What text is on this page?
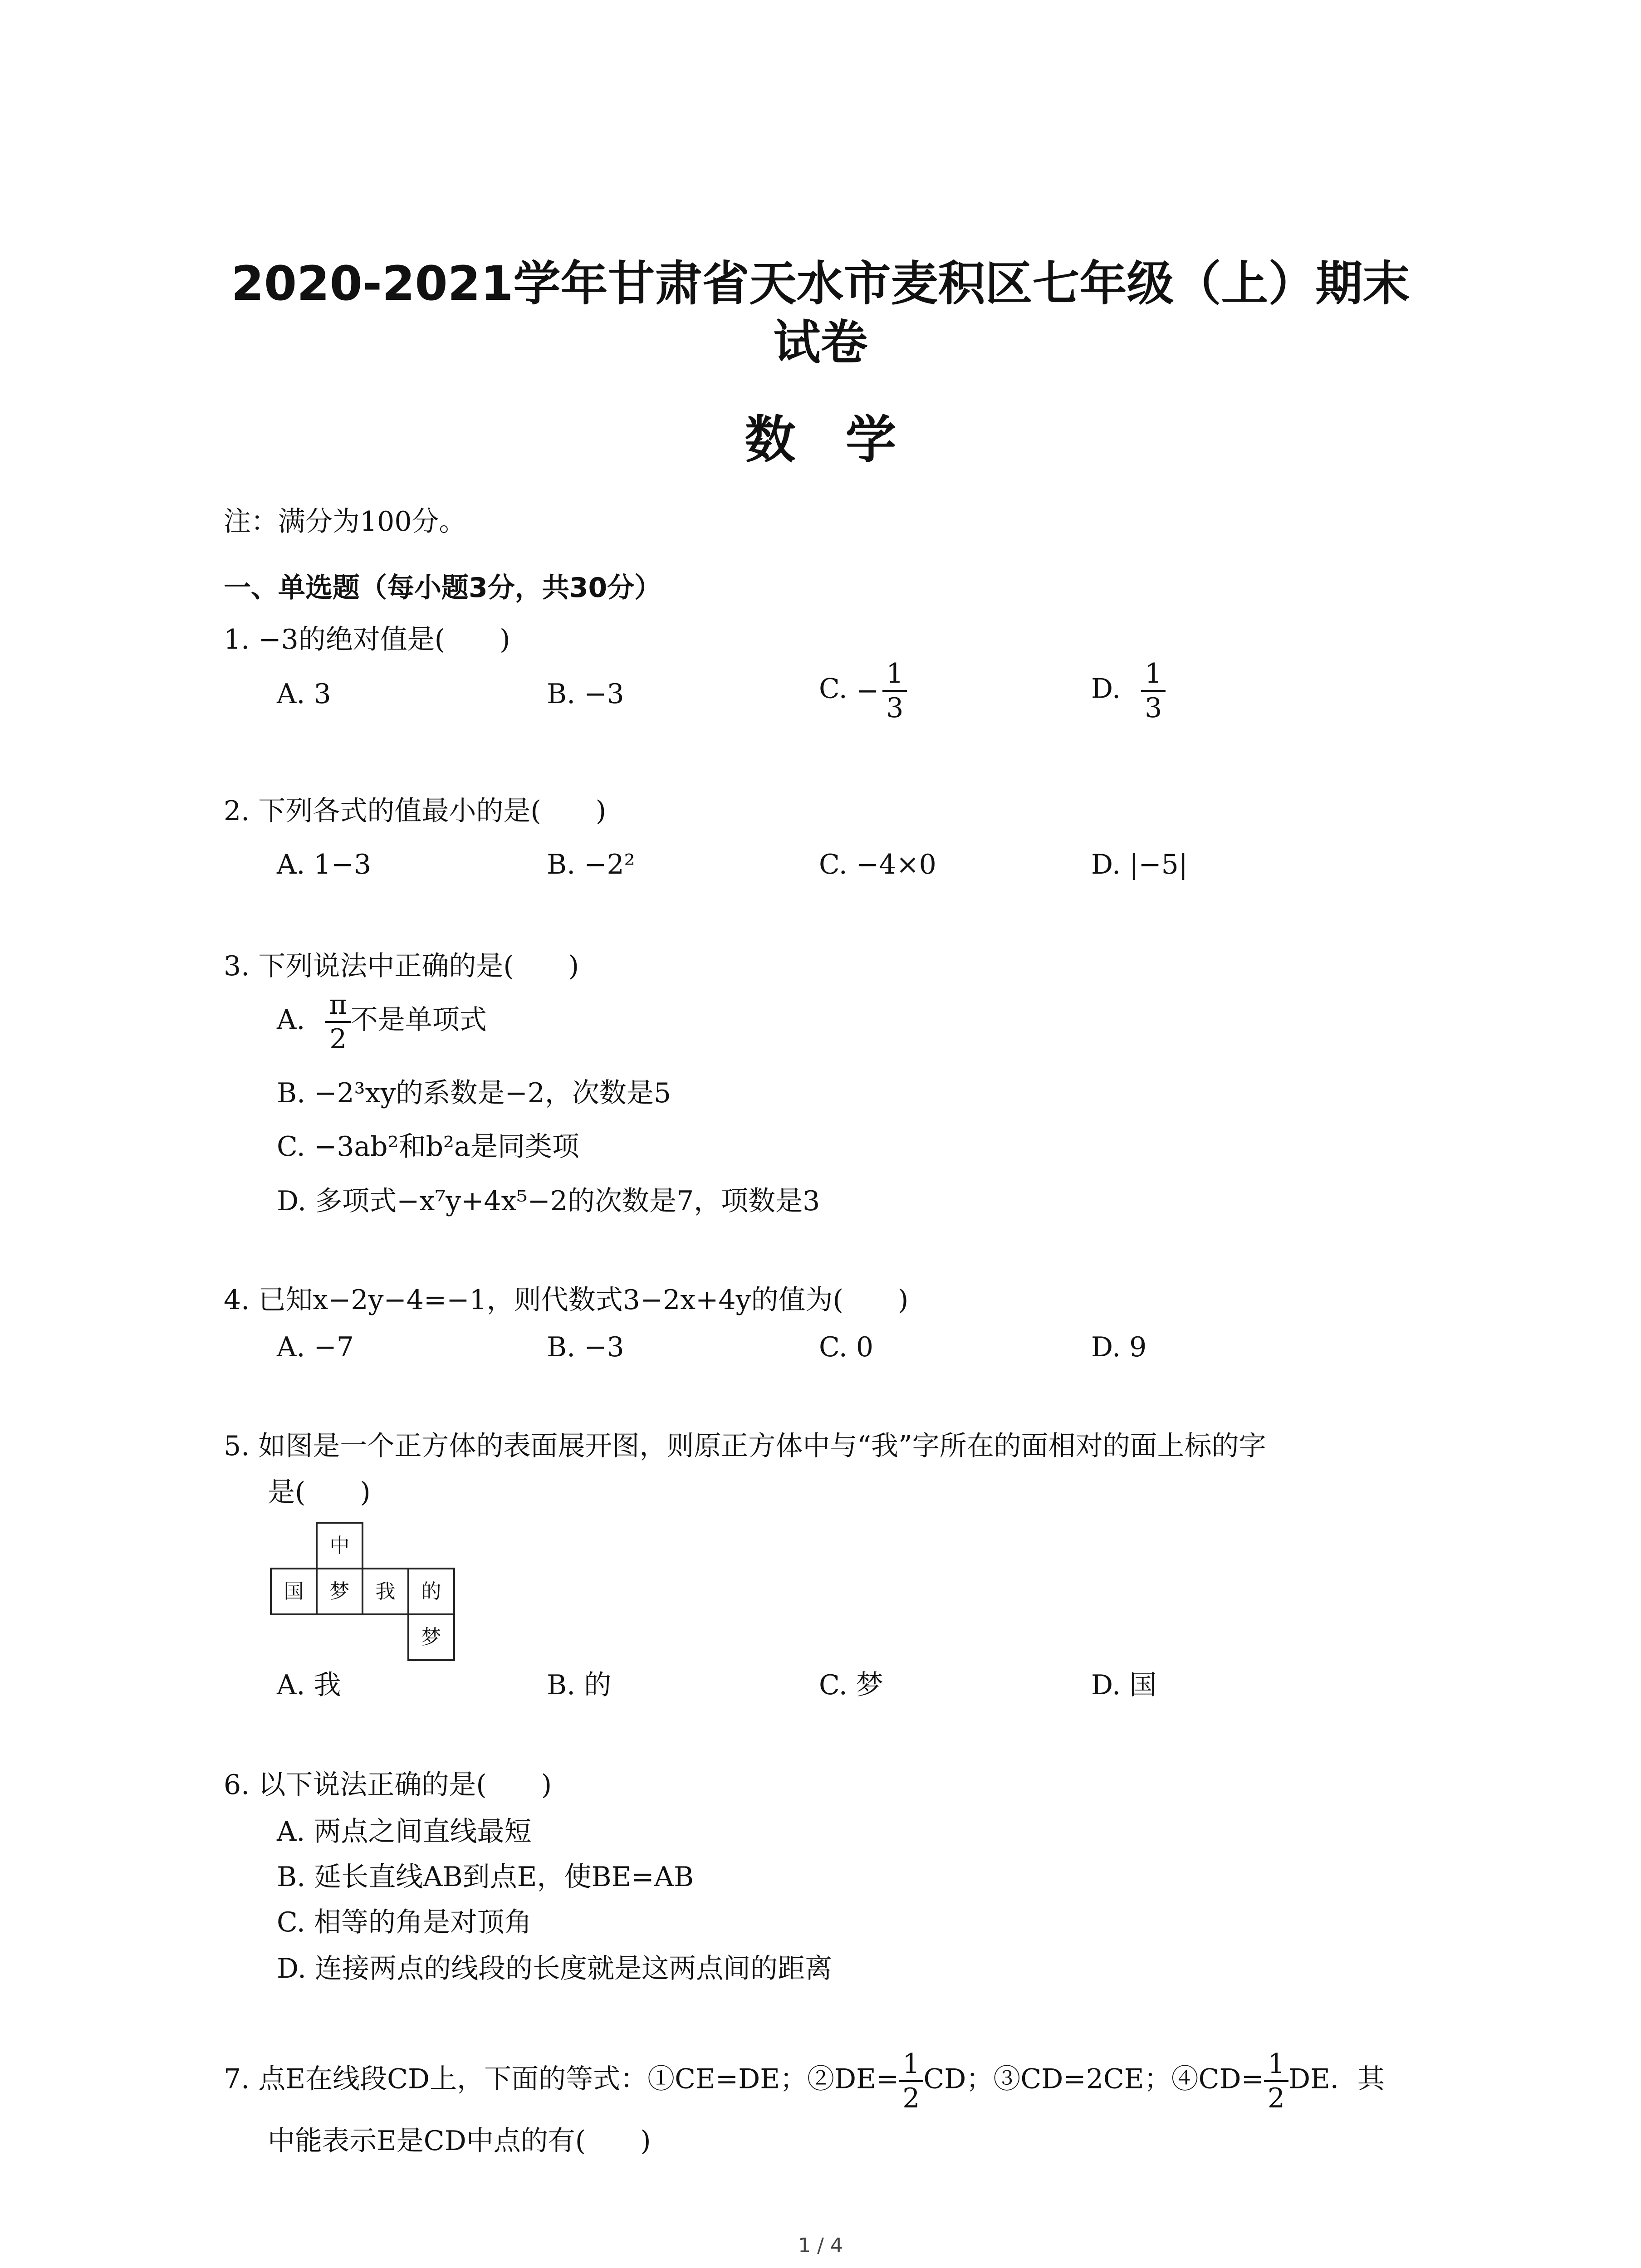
2020-2021学年甘肃省天水市麦积区七年级（上）期末
试卷
数学
注：满分为100分。
一、单选题（每小题3分，共30分）
1. −3的绝对值是(　　)
A. 3	B. −3	C. − $\frac{1}{3}$	D. $\frac{1}{3}$
2. 下列各式的值最小的是(　　)
A. 1−3	B. −2²	C. −4×0	D. |−5|
3. 下列说法中正确的是(　　)
A. $\frac{\pi}{2}$ 不是单项式
B. −2³xy的系数是−2，次数是5
C. −3ab²和b²a是同类项
D. 多项式−x⁷y+4x⁵−2的次数是7，项数是3
4. 已知x−2y−4=−1，则代数式3−2x+4y的值为(　　)
A. −7	B. −3	C. 0	D. 9
5. 如图是一个正方体的表面展开图，则原正方体中与“我”字所在的面相对的面上标的字
是(　　)
中
国	梦	我	的
梦
A. 我	B. 的	C. 梦	D. 国
6. 以下说法正确的是(　　)
A. 两点之间直线最短
B. 延长直线AB到点E，使BE=AB
C. 相等的角是对顶角
D. 连接两点的线段的长度就是这两点间的距离
7. 点E在线段CD上，下面的等式：①CE=DE；②DE= $\frac{1}{2}$ CD；③CD=2CE；④CD= $\frac{1}{2}$ DE．其
中能表示E是CD中点的有(　　)
1 / 4
